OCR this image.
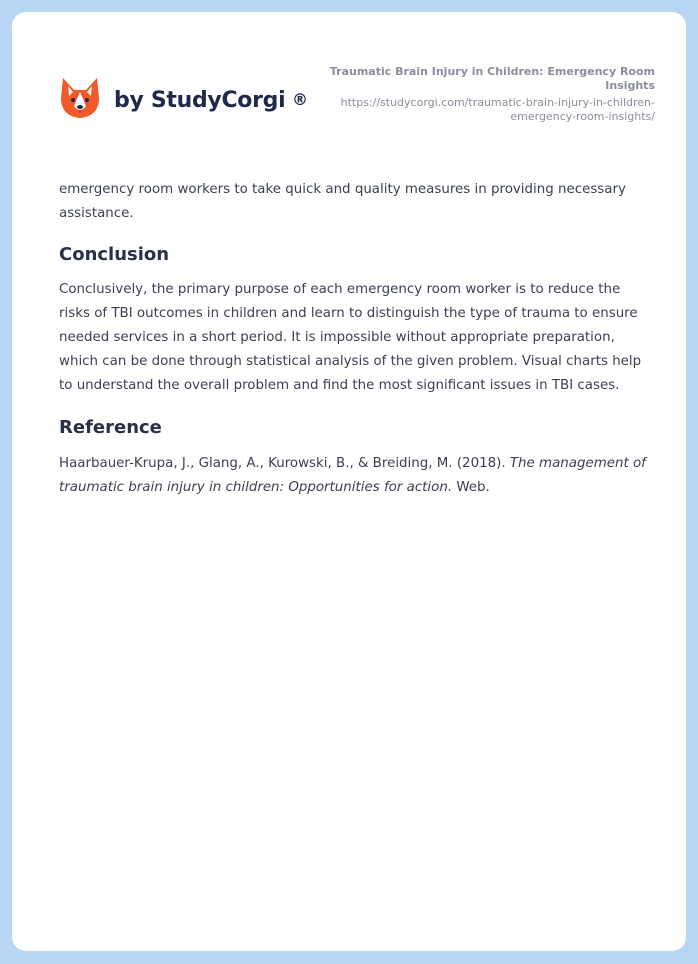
by StudyCorgi ®
Traumatic Brain Injury in Children: Emergency Room Insights
https://studycorgi.com/traumatic-brain-injury-in-children-emergency-room-insights/

emergency room workers to take quick and quality measures in providing necessary assistance.

Conclusion

Conclusively, the primary purpose of each emergency room worker is to reduce the risks of TBI outcomes in children and learn to distinguish the type of trauma to ensure needed services in a short period. It is impossible without appropriate preparation, which can be done through statistical analysis of the given problem. Visual charts help to understand the overall problem and find the most significant issues in TBI cases.

Reference

Haarbauer-Krupa, J., Glang, A., Kurowski, B., & Breiding, M. (2018). The management of traumatic brain injury in children: Opportunities for action. Web.
